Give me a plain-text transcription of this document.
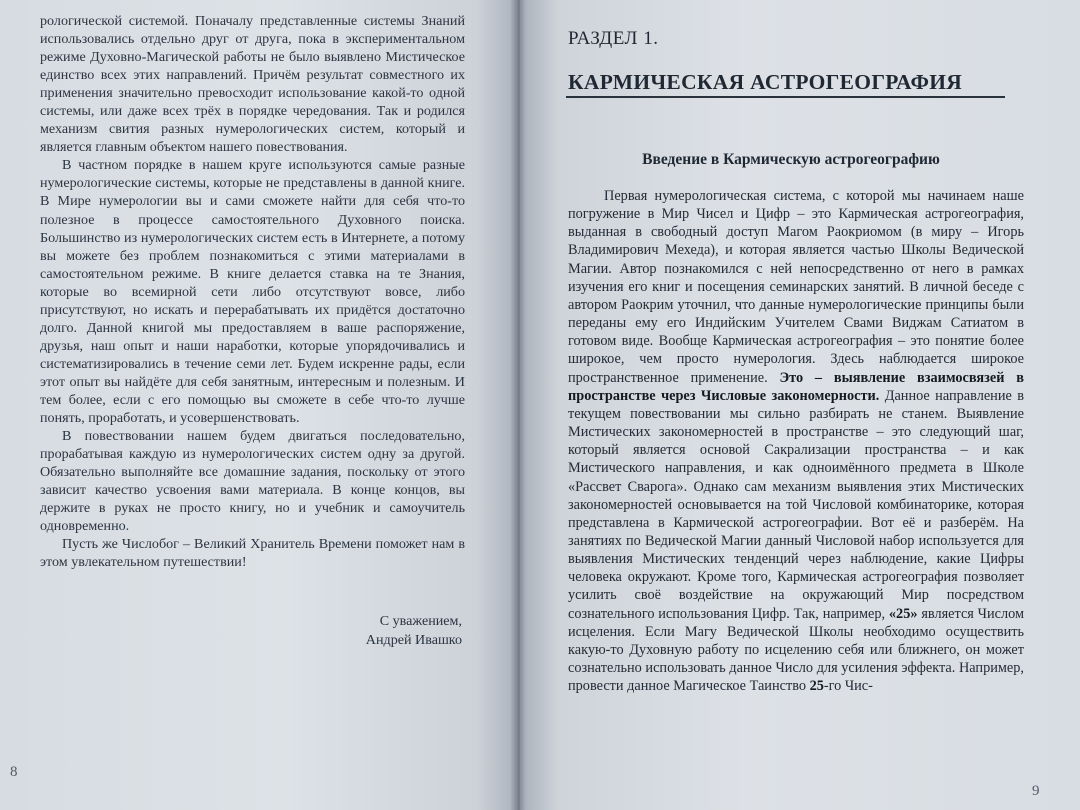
рологической системой. Поначалу представленные системы Знаний использовались отдельно друг от друга, пока в экспериментальном режиме Духовно-Магической работы не было выявлено Мистическое единство всех этих направлений. Причём результат совместного их применения значительно превосходит использование какой-то одной системы, или даже всех трёх в порядке чередования. Так и родился механизм свития разных нумерологических систем, который и является главным объектом нашего повествования.

В частном порядке в нашем круге используются самые разные нумерологические системы, которые не представлены в данной книге. В Мире нумерологии вы и сами сможете найти для себя что-то полезное в процессе самостоятельного Духовного поиска. Большинство из нумерологических систем есть в Интернете, а потому вы можете без проблем познакомиться с этими материалами в самостоятельном режиме. В книге делается ставка на те Знания, которые во всемирной сети либо отсутствуют вовсе, либо присутствуют, но искать и перерабатывать их придётся достаточно долго. Данной книгой мы предоставляем в ваше распоряжение, друзья, наш опыт и наши наработки, которые упорядочивались и систематизировались в течение семи лет. Будем искренне рады, если этот опыт вы найдёте для себя занятным, интересным и полезным. И тем более, если с его помощью вы сможете в себе что-то лучше понять, проработать, и усовершенствовать.

В повествовании нашем будем двигаться последовательно, прорабатывая каждую из нумерологических систем одну за другой. Обязательно выполняйте все домашние задания, поскольку от этого зависит качество усвоения вами материала. В конце концов, вы держите в руках не просто книгу, но и учебник и самоучитель одновременно.

Пусть же Числобог – Великий Хранитель Времени поможет нам в этом увлекательном путешествии!

С уважением,
Андрей Ивашко
8
РАЗДЕЛ 1.
КАРМИЧЕСКАЯ АСТРОГЕОГРАФИЯ
Введение в Кармическую астрогеографию

Первая нумерологическая система, с которой мы начинаем наше погружение в Мир Чисел и Цифр – это Кармическая астрогеография, выданная в свободный доступ Магом Раокриомом (в миру – Игорь Владимирович Мехеда), и которая является частью Школы Ведической Магии. Автор познакомился с ней непосредственно от него в рамках изучения его книг и посещения семинарских занятий. В личной беседе с автором Раокрим уточнил, что данные нумерологические принципы были переданы ему его Индийским Учителем Свами Виджам Сатиатом в готовом виде. Вообще Кармическая астрогеография – это понятие более широкое, чем просто нумерология. Здесь наблюдается широкое пространственное применение. Это – выявление взаимосвязей в пространстве через Числовые закономерности. Данное направление в текущем повествовании мы сильно разбирать не станем. Выявление Мистических закономерностей в пространстве – это следующий шаг, который является основой Сакрализации пространства – и как Мистического направления, и как одноимённого предмета в Школе «Рассвет Сварога». Однако сам механизм выявления этих Мистических закономерностей основывается на той Числовой комбинаторике, которая представлена в Кармической астрогеографии. Вот её и разберём. На занятиях по Ведической Магии данный Числовой набор используется для выявления Мистических тенденций через наблюдение, какие Цифры человека окружают. Кроме того, Кармическая астрогеография позволяет усилить своё воздействие на окружающий Мир посредством сознательного использования Цифр. Так, например, «25» является Числом исцеления. Если Магу Ведической Школы необходимо осуществить какую-то Духовную работу по исцелению себя или ближнего, он может сознательно использовать данное Число для усиления эффекта. Например, провести данное Магическое Таинство 25-го Чис-

9
